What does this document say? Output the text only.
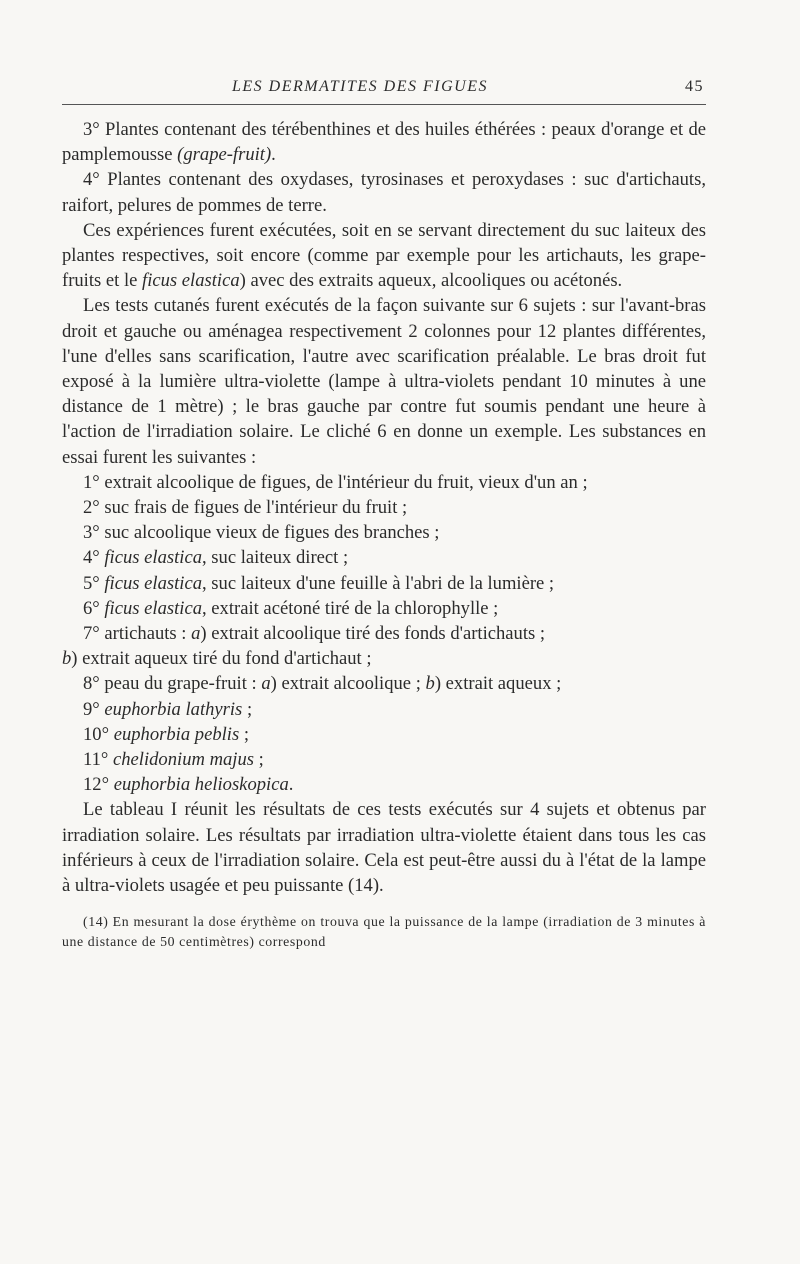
LES DERMATITES DES FIGUES	45

3° Plantes contenant des térébenthines et des huiles éthérées : peaux d'orange et de pamplemousse (grape-fruit).

4° Plantes contenant des oxydases, tyrosinases et peroxydases : suc d'artichauts, raifort, pelures de pommes de terre.

Ces expériences furent exécutées, soit en se servant directement du suc laiteux des plantes respectives, soit encore (comme par exemple pour les artichauts, les grape-fruits et le ficus elastica) avec des extraits aqueux, alcooliques ou acétonés.

Les tests cutanés furent exécutés de la façon suivante sur 6 sujets : sur l'avant-bras droit et gauche ou aménagea respectivement 2 colonnes pour 12 plantes différentes, l'une d'elles sans scarification, l'autre avec scarification préalable. Le bras droit fut exposé à la lumière ultra-violette (lampe à ultra-violets pendant 10 minutes à une distance de 1 mètre) ; le bras gauche par contre fut soumis pendant une heure à l'action de l'irradiation solaire. Le cliché 6 en donne un exemple. Les substances en essai furent les suivantes :

1° extrait alcoolique de figues, de l'intérieur du fruit, vieux d'un an ;

2° suc frais de figues de l'intérieur du fruit ;

3° suc alcoolique vieux de figues des branches ;

4° ficus elastica, suc laiteux direct ;

5° ficus elastica, suc laiteux d'une feuille à l'abri de la lumière ;

6° ficus elastica, extrait acétoné tiré de la chlorophylle ;

7° artichauts : a) extrait alcoolique tiré des fonds d'artichauts ;

b) extrait aqueux tiré du fond d'artichaut ;

8° peau du grape-fruit : a) extrait alcoolique ; b) extrait aqueux ;

9° euphorbia lathyris ;

10° euphorbia peblis ;

11° chelidonium majus ;

12° euphorbia helioskopica.

Le tableau I réunit les résultats de ces tests exécutés sur 4 sujets et obtenus par irradiation solaire. Les résultats par irradiation ultra-violette étaient dans tous les cas inférieurs à ceux de l'irradiation solaire. Cela est peut-être aussi du à l'état de la lampe à ultra-violets usagée et peu puissante (14).

(14) En mesurant la dose érythème on trouva que la puissance de la lampe (irradiation de 3 minutes à une distance de 50 centimètres) correspond
